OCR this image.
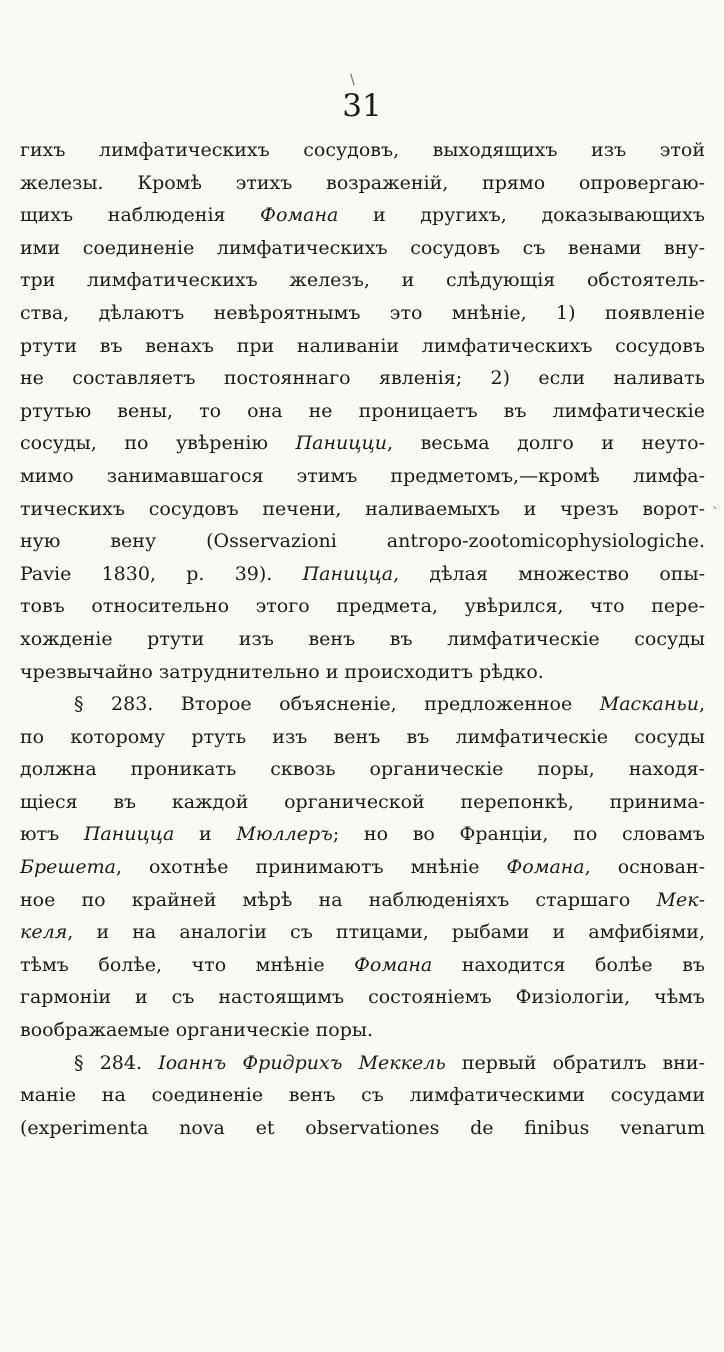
\
`
31
гихъ лимфатическихъ сосудовъ, выходящихъ изъ этой
железы. Кромѣ этихъ возраженій, прямо опровергаю-
щихъ наблюденія Фомана и другихъ, доказывающихъ
ими соединеніе лимфатическихъ сосудовъ съ венами вну-
три лимфатическихъ железъ, и слѣдующія обстоятель-
ства, дѣлаютъ невѣроятнымъ это мнѣніе, 1) появленіе
ртути въ венахъ при наливаніи лимфатическихъ сосудовъ
не составляетъ постояннаго явленія; 2) если наливать
ртутью вены, то она не проницаетъ въ лимфатическіе
сосуды, по увѣренію Паницци, весьма долго и неуто-
мимо занимавшагося этимъ предметомъ,—кромѣ лимфа-
тическихъ сосудовъ печени, наливаемыхъ и чрезъ ворот-
ную вену (Osservazioni antropo-zootomicophysiologiche.
Pavie 1830, p. 39). Паницца, дѣлая множество опы-
товъ относительно этого предмета, увѣрился, что пере-
хожденіе ртути изъ венъ въ лимфатическіе сосуды
чрезвычайно затруднительно и происходитъ рѣдко.
§ 283. Второе объясненіе, предложенное Масканьи,
по которому ртуть изъ венъ въ лимфатическіе сосуды
должна проникать сквозь органическіе поры, находя-
щіеся въ каждой органической перепонкѣ, принима-
ютъ Паницца и Мюллеръ; но во Франціи, по словамъ
Брешета, охотнѣе принимаютъ мнѣніе Фомана, основан-
ное по крайней мѣрѣ на наблюденіяхъ старшаго Мек-
келя, и на аналогіи съ птицами, рыбами и амфибіями,
тѣмъ болѣе, что мнѣніе Фомана находится болѣе въ
гармоніи и съ настоящимъ состояніемъ Физіологіи, чѣмъ
воображаемые органическіе поры.
§ 284. Іоаннъ Фридрихъ Меккель первый обратилъ вни-
маніе на соединеніе венъ съ лимфатическими сосудами
(experimenta nova et observationes de finibus venarum
